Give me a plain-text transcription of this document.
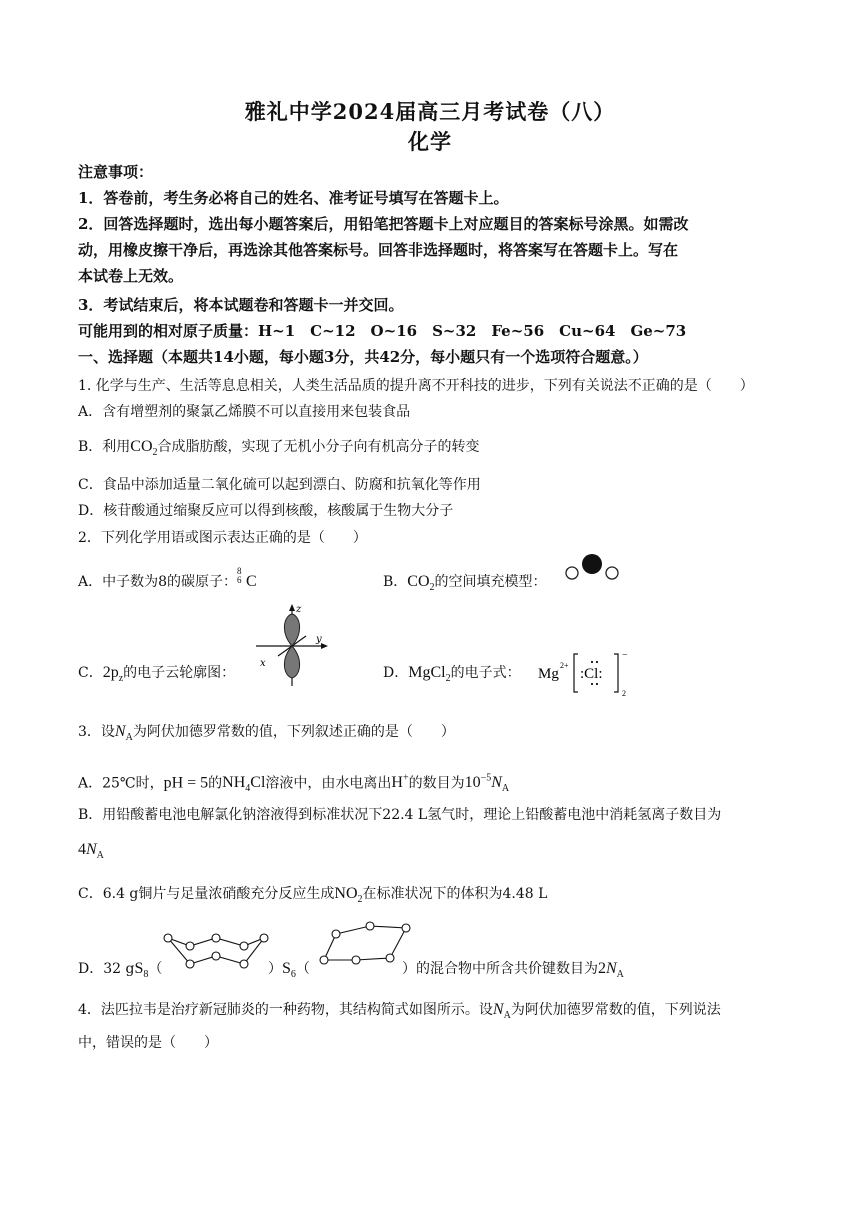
雅礼中学2024届高三月考试卷（八）
化学
注意事项：
1．答卷前，考生务必将自己的姓名、准考证号填写在答题卡上。
2．回答选择题时，选出每小题答案后，用铅笔把答题卡上对应题目的答案标号涂黑。如需改
动，用橡皮擦干净后，再选涂其他答案标号。回答非选择题时，将答案写在答题卡上。写在
本试卷上无效。
3．考试结束后，将本试题卷和答题卡一并交回。
可能用到的相对原子质量：H~1　C~12　O~16　S~32　Fe~56　Cu~64　Ge~73
一、选择题（本题共14小题，每小题3分，共42分，每小题只有一个选项符合题意。）
1. 化学与生产、生活等息息相关，人类生活品质的提升离不开科技的进步，下列有关说法不正确的是（　　）
A．含有增塑剂的聚氯乙烯膜不可以直接用来包装食品
B．利用$CO_2$合成脂肪酸，实现了无机小分子向有机高分子的转变
C．食品中添加适量二氧化硫可以起到漂白、防腐和抗氧化等作用
D．核苷酸通过缩聚反应可以得到核酸，核酸属于生物大分子
2．下列化学用语或图示表达正确的是（　　）
A．中子数为8的碳原子：
8
6 C	B．$CO_2$的空间填充模型：
z
y
x
C．$2p_z$的电子云轮廓图：	D．MgCl$_2$的电子式： Mg
2+
−
2
:Cl:
3．设$N_A$为阿伏加德罗常数的值，下列叙述正确的是（　　）
A．25℃时，pH = 5的$NH_4Cl$溶液中，由水电离出H+的数目为$10^{-5}N_A$
B．用铅酸蓄电池电解氯化钠溶液得到标准状况下22.4 L氢气时，理论上铅酸蓄电池中消耗氢离子数目为
$4N_A$
C．6.4 g铜片与足量浓硝酸充分反应生成$NO_2$在标准状况下的体积为4.48 L
D．32 $gS_8$（	）$S_6$（	）的混合物中所含共价键数目为$2N_A$
4．法匹拉韦是治疗新冠肺炎的一种药物，其结构简式如图所示。设$N_A$为阿伏加德罗常数的值，下列说法
中，错误的是（　　）
